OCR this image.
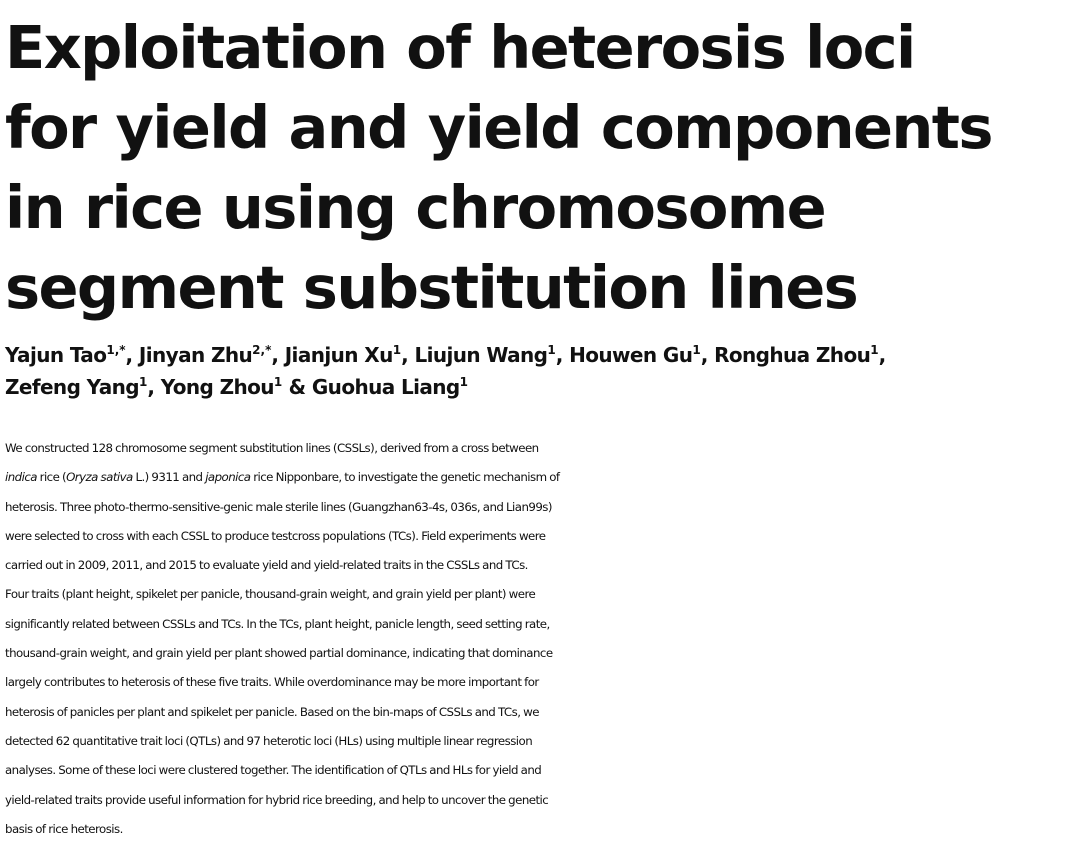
Exploitation of heterosis loci for yield and yield components in rice using chromosome segment substitution lines

Yajun Tao$^{1,*}$, Jinyan Zhu$^{2,*}$, Jianjun Xu$^1$, Liujun Wang$^1$, Houwen Gu$^1$, Ronghua Zhou$^1$,
Zefeng Yang$^1$, Yong Zhou$^1$ & Guohua Liang$^1$

We constructed 128 chromosome segment substitution lines (CSSLs), derived from a cross between
indica rice (Oryza sativa L.) 9311 and japonica rice Nipponbare, to investigate the genetic mechanism of
heterosis. Three photo-thermo-sensitive-genic male sterile lines (Guangzhan63-4s, 036s, and Lian99s)
were selected to cross with each CSSL to produce testcross populations (TCs). Field experiments were
carried out in 2009, 2011, and 2015 to evaluate yield and yield-related traits in the CSSLs and TCs.
Four traits (plant height, spikelet per panicle, thousand-grain weight, and grain yield per plant) were
significantly related between CSSLs and TCs. In the TCs, plant height, panicle length, seed setting rate,
thousand-grain weight, and grain yield per plant showed partial dominance, indicating that dominance
largely contributes to heterosis of these five traits. While overdominance may be more important for
heterosis of panicles per plant and spikelet per panicle. Based on the bin-maps of CSSLs and TCs, we
detected 62 quantitative trait loci (QTLs) and 97 heterotic loci (HLs) using multiple linear regression
analyses. Some of these loci were clustered together. The identification of QTLs and HLs for yield and
yield-related traits provide useful information for hybrid rice breeding, and help to uncover the genetic
basis of rice heterosis.
